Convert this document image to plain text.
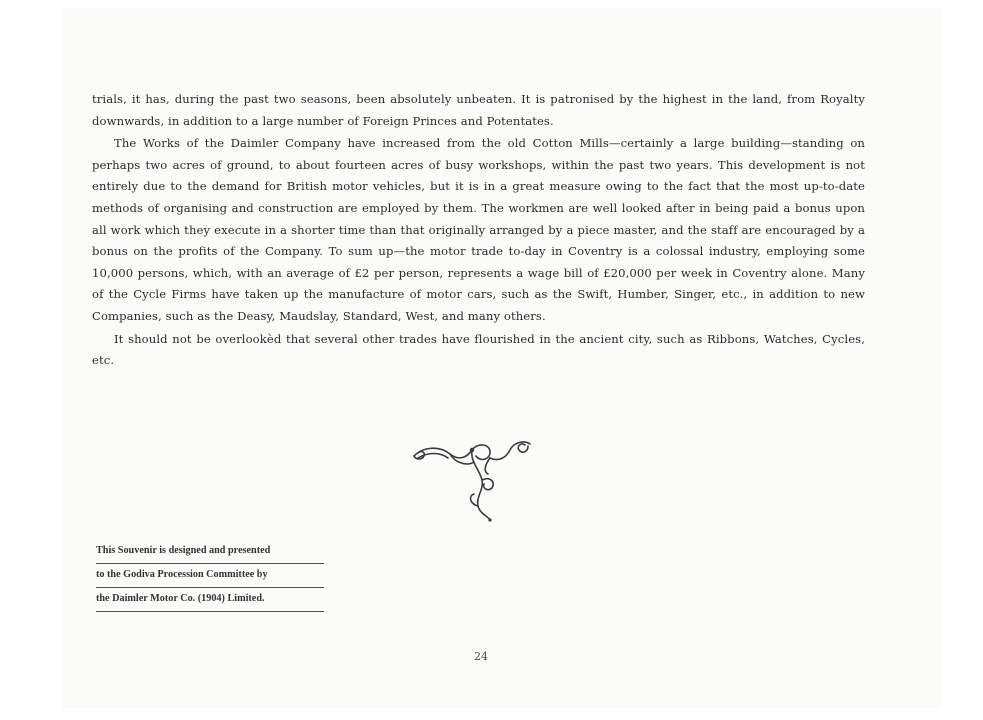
trials, it has, during the past two seasons, been absolutely unbeaten. It is patronised by the highest in the land, from Royalty downwards, in addition to a large number of Foreign Princes and Potentates.

The Works of the Daimler Company have increased from the old Cotton Mills—certainly a large building—standing on perhaps two acres of ground, to about fourteen acres of busy workshops, within the past two years. This development is not entirely due to the demand for British motor vehicles, but it is in a great measure owing to the fact that the most up-to-date methods of organising and construction are employed by them. The workmen are well looked after in being paid a bonus upon all work which they execute in a shorter time than that originally arranged by a piece master, and the staff are encouraged by a bonus on the profits of the Company. To sum up—the motor trade to-day in Coventry is a colossal industry, employing some 10,000 persons, which, with an average of £2 per person, represents a wage bill of £20,000 per week in Coventry alone. Many of the Cycle Firms have taken up the manufacture of motor cars, such as the Swift, Humber, Singer, etc., in addition to new Companies, such as the Deasy, Maudslay, Standard, West, and many others.

It should not be overlookèd that several other trades have flourished in the ancient city, such as Ribbons, Watches, Cycles, etc.

This Souvenir is designed and presented
to the Godiva Procession Committee by
the Daimler Motor Co. (1904) Limited.
24
